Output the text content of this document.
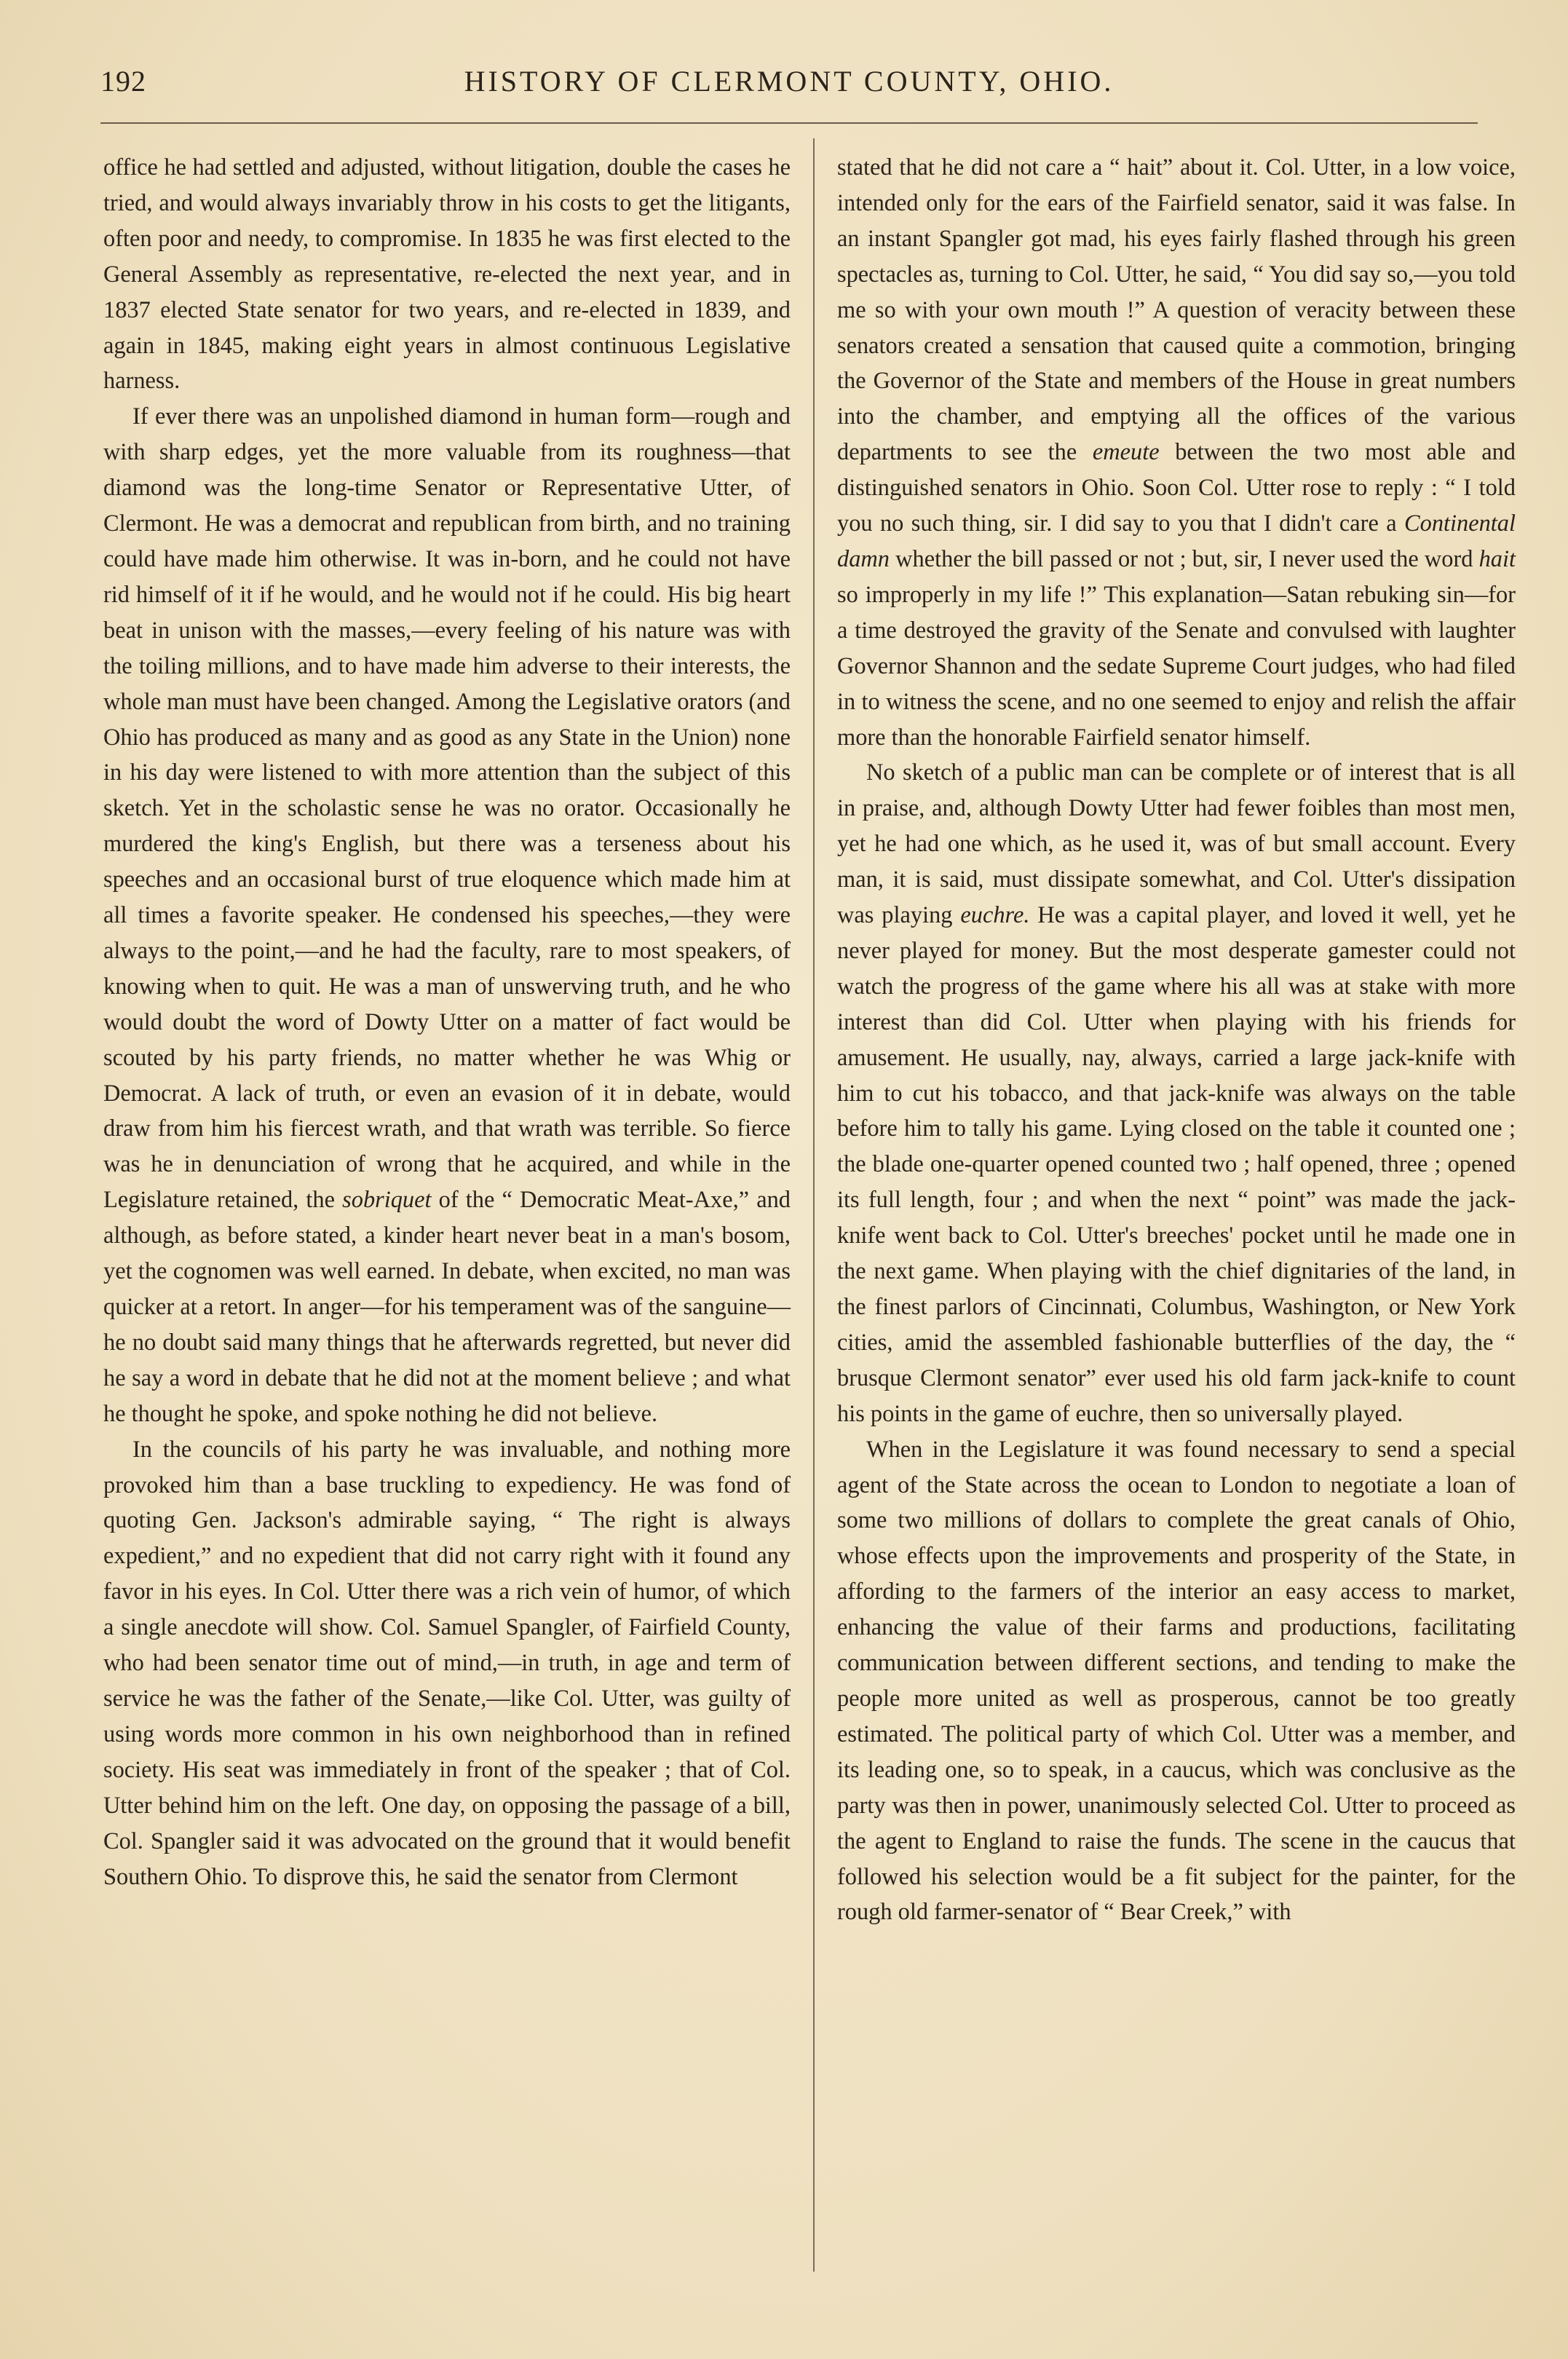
192	HISTORY OF CLERMONT COUNTY, OHIO.

office he had settled and adjusted, without litigation, double the cases he tried, and would always invariably throw in his costs to get the litigants, often poor and needy, to compromise. In 1835 he was first elected to the General Assembly as representative, re-elected the next year, and in 1837 elected State senator for two years, and re-elected in 1839, and again in 1845, making eight years in almost continuous Legislative harness.

If ever there was an unpolished diamond in human form—rough and with sharp edges, yet the more valuable from its roughness—that diamond was the long-time Senator or Representative Utter, of Clermont. He was a democrat and republican from birth, and no training could have made him otherwise. It was in-born, and he could not have rid himself of it if he would, and he would not if he could. His big heart beat in unison with the masses,—every feeling of his nature was with the toiling millions, and to have made him adverse to their interests, the whole man must have been changed. Among the Legislative orators (and Ohio has produced as many and as good as any State in the Union) none in his day were listened to with more attention than the subject of this sketch. Yet in the scholastic sense he was no orator. Occasionally he murdered the king's English, but there was a terseness about his speeches and an occasional burst of true eloquence which made him at all times a favorite speaker. He condensed his speeches,—they were always to the point,—and he had the faculty, rare to most speakers, of knowing when to quit. He was a man of unswerving truth, and he who would doubt the word of Dowty Utter on a matter of fact would be scouted by his party friends, no matter whether he was Whig or Democrat. A lack of truth, or even an evasion of it in debate, would draw from him his fiercest wrath, and that wrath was terrible. So fierce was he in denunciation of wrong that he acquired, and while in the Legislature retained, the sobriquet of the “ Democratic Meat-Axe,” and although, as before stated, a kinder heart never beat in a man's bosom, yet the cognomen was well earned. In debate, when excited, no man was quicker at a retort. In anger—for his temperament was of the sanguine—he no doubt said many things that he afterwards regretted, but never did he say a word in debate that he did not at the moment believe ; and what he thought he spoke, and spoke nothing he did not believe.

In the councils of his party he was invaluable, and nothing more provoked him than a base truckling to expediency. He was fond of quoting Gen. Jackson's admirable saying, “ The right is always expedient,” and no expedient that did not carry right with it found any favor in his eyes. In Col. Utter there was a rich vein of humor, of which a single anecdote will show. Col. Samuel Spangler, of Fairfield County, who had been senator time out of mind,—in truth, in age and term of service he was the father of the Senate,—like Col. Utter, was guilty of using words more common in his own neighborhood than in refined society. His seat was immediately in front of the speaker ; that of Col. Utter behind him on the left. One day, on opposing the passage of a bill, Col. Spangler said it was advocated on the ground that it would benefit Southern Ohio. To disprove this, he said the senator from Clermont

stated that he did not care a “ hait” about it. Col. Utter, in a low voice, intended only for the ears of the Fairfield senator, said it was false. In an instant Spangler got mad, his eyes fairly flashed through his green spectacles as, turning to Col. Utter, he said, “ You did say so,—you told me so with your own mouth !” A question of veracity between these senators created a sensation that caused quite a commotion, bringing the Governor of the State and members of the House in great numbers into the chamber, and emptying all the offices of the various departments to see the emeute between the two most able and distinguished senators in Ohio. Soon Col. Utter rose to reply : “ I told you no such thing, sir. I did say to you that I didn't care a Continental damn whether the bill passed or not ; but, sir, I never used the word hait so improperly in my life !” This explanation—Satan rebuking sin—for a time destroyed the gravity of the Senate and convulsed with laughter Governor Shannon and the sedate Supreme Court judges, who had filed in to witness the scene, and no one seemed to enjoy and relish the affair more than the honorable Fairfield senator himself.

No sketch of a public man can be complete or of interest that is all in praise, and, although Dowty Utter had fewer foibles than most men, yet he had one which, as he used it, was of but small account. Every man, it is said, must dissipate somewhat, and Col. Utter's dissipation was playing euchre. He was a capital player, and loved it well, yet he never played for money. But the most desperate gamester could not watch the progress of the game where his all was at stake with more interest than did Col. Utter when playing with his friends for amusement. He usually, nay, always, carried a large jack-knife with him to cut his tobacco, and that jack-knife was always on the table before him to tally his game. Lying closed on the table it counted one ; the blade one-quarter opened counted two ; half opened, three ; opened its full length, four ; and when the next “ point” was made the jack-knife went back to Col. Utter's breeches' pocket until he made one in the next game. When playing with the chief dignitaries of the land, in the finest parlors of Cincinnati, Columbus, Washington, or New York cities, amid the assembled fashionable butterflies of the day, the “ brusque Clermont senator” ever used his old farm jack-knife to count his points in the game of euchre, then so universally played.

When in the Legislature it was found necessary to send a special agent of the State across the ocean to London to negotiate a loan of some two millions of dollars to complete the great canals of Ohio, whose effects upon the improvements and prosperity of the State, in affording to the farmers of the interior an easy access to market, enhancing the value of their farms and productions, facilitating communication between different sections, and tending to make the people more united as well as prosperous, cannot be too greatly estimated. The political party of which Col. Utter was a member, and its leading one, so to speak, in a caucus, which was conclusive as the party was then in power, unanimously selected Col. Utter to proceed as the agent to England to raise the funds. The scene in the caucus that followed his selection would be a fit subject for the painter, for the rough old farmer-senator of “ Bear Creek,” with
